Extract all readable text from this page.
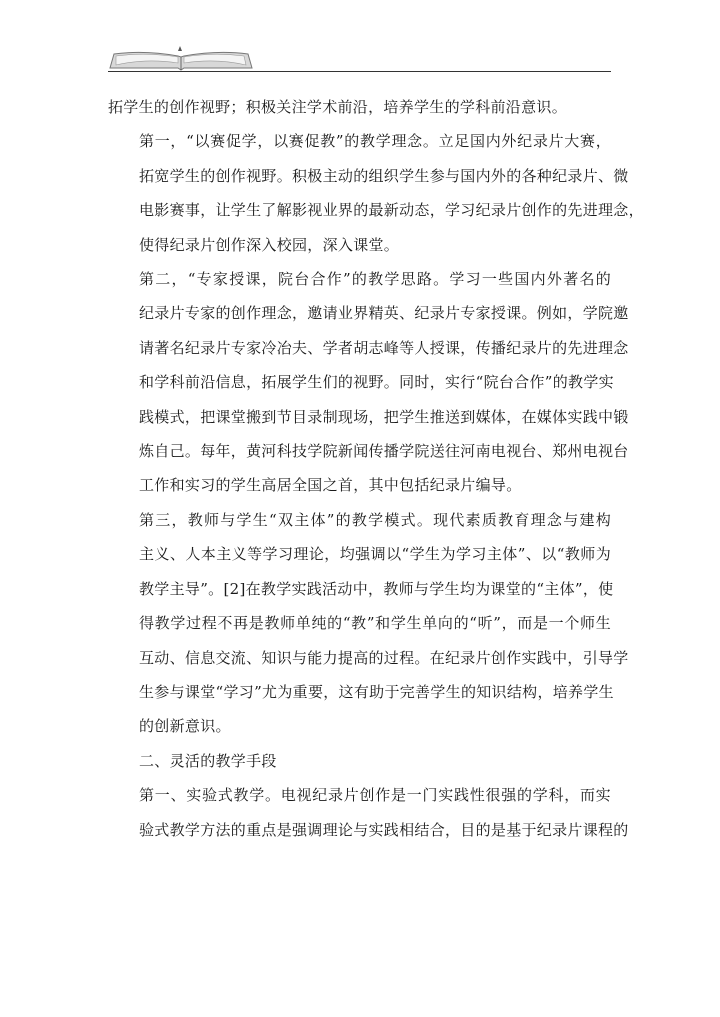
拓学生的创作视野；积极关注学术前沿，培养学生的学科前沿意识。
第一，“以赛促学，以赛促教”的教学理念。立足国内外纪录片大赛，
拓宽学生的创作视野。积极主动的组织学生参与国内外的各种纪录片、微
电影赛事，让学生了解影视业界的最新动态，学习纪录片创作的先进理念，
使得纪录片创作深入校园，深入课堂。
第二，“专家授课，院台合作”的教学思路。学习一些国内外著名的
纪录片专家的创作理念，邀请业界精英、纪录片专家授课。例如，学院邀
请著名纪录片专家冷冶夫、学者胡志峰等人授课，传播纪录片的先进理念
和学科前沿信息，拓展学生们的视野。同时，实行“院台合作”的教学实
践模式，把课堂搬到节目录制现场，把学生推送到媒体，在媒体实践中锻
炼自己。每年，黄河科技学院新闻传播学院送往河南电视台、郑州电视台
工作和实习的学生高居全国之首，其中包括纪录片编导。
第三，教师与学生“双主体”的教学模式。现代素质教育理念与建构
主义、人本主义等学习理论，均强调以“学生为学习主体”、以“教师为
教学主导”。[2]在教学实践活动中，教师与学生均为课堂的“主体”，使
得教学过程不再是教师单纯的“教”和学生单向的“听”，而是一个师生
互动、信息交流、知识与能力提高的过程。在纪录片创作实践中，引导学
生参与课堂“学习”尤为重要，这有助于完善学生的知识结构，培养学生
的创新意识。
二、灵活的教学手段
第一、实验式教学。电视纪录片创作是一门实践性很强的学科，而实
验式教学方法的重点是强调理论与实践相结合，目的是基于纪录片课程的
